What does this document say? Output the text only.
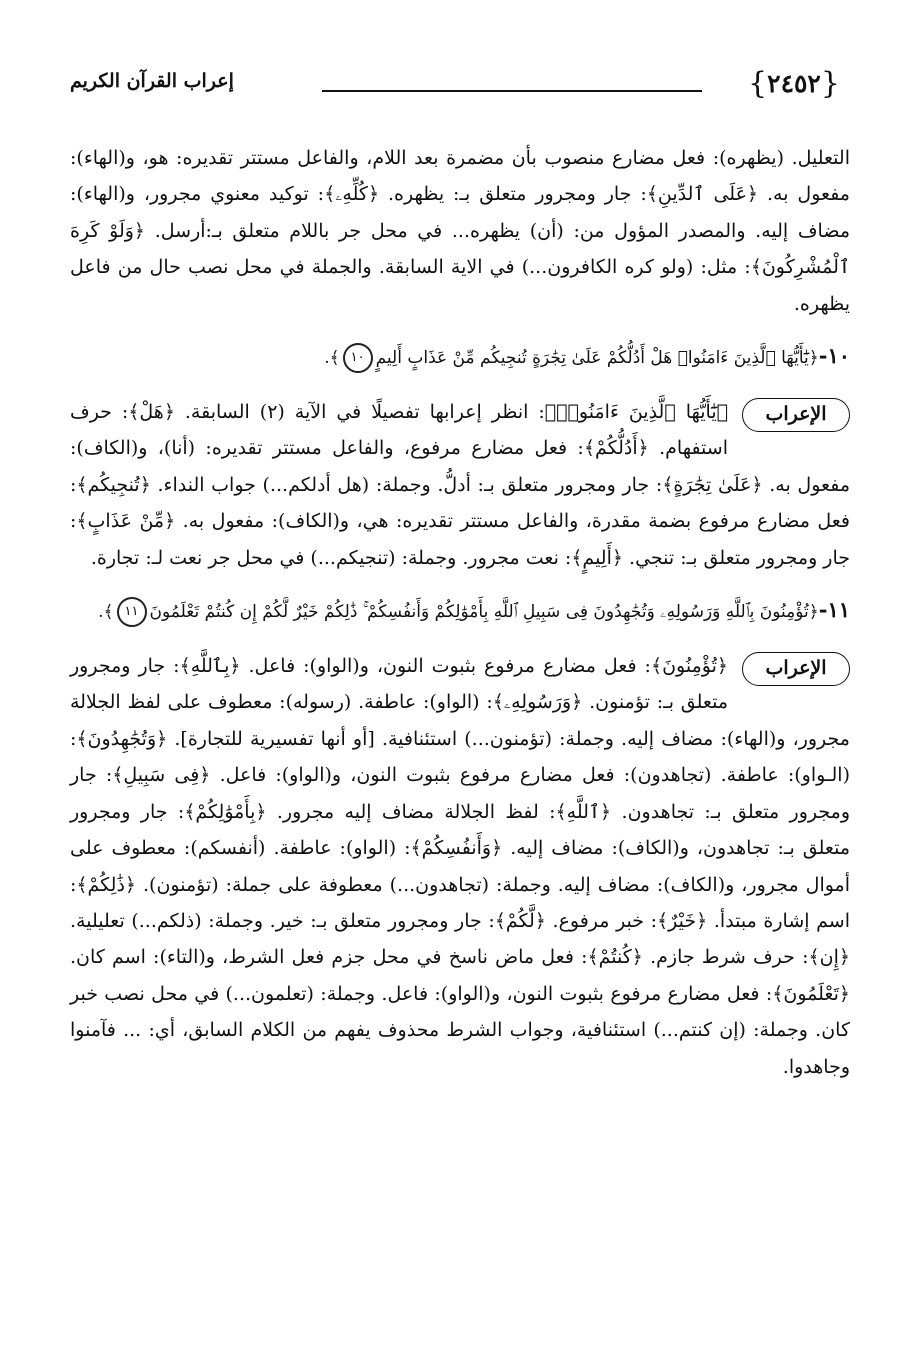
{٢٤٥٢}
إعراب القرآن الكريم

التعليل. (يظهره): فعل مضارع منصوب بأن مضمرة بعد اللام، والفاعل مستتر تقديره: هو، و(الهاء): مفعول به. ﴿عَلَى ٱلدِّينِ﴾: جار ومجرور متعلق بـ: يظهره. ﴿كُلِّهِۦ﴾: توكيد معنوي مجرور، و(الهاء): مضاف إليه. والمصدر المؤول من: (أن) يظهره... في محل جر باللام متعلق بـ:أرسل. ﴿وَلَوْ كَرِهَ ٱلْمُشْرِكُونَ﴾: مثل: (ولو كره الكافرون...) في الاية السابقة. والجملة في محل نصب حال من فاعل يظهره.

١٠-﴿يَٰٓأَيُّهَا ٱلَّذِينَ ءَامَنُوا۟ هَلْ أَدُلُّكُمْ عَلَىٰ تِجَٰرَةٍ تُنجِيكُم مِّنْ عَذَابٍ أَلِيمٍ١٠﴾.
الإعراب
﴿يَٰٓأَيُّهَا ٱلَّذِينَ ءَامَنُوا۟﴾: انظر إعرابها تفصيلًا في الآية (٢) السابقة. ﴿هَلْ﴾: حرف استفهام. ﴿أَدُلُّكُمْ﴾: فعل مضارع مرفوع، والفاعل مستتر تقديره: (أنا)، و(الكاف): مفعول به. ﴿عَلَىٰ تِجَٰرَةٍ﴾: جار ومجرور متعلق بـ: أدلُّ. وجملة: (هل أدلكم...) جواب النداء. ﴿تُنجِيكُم﴾: فعل مضارع مرفوع بضمة مقدرة، والفاعل مستتر تقديره: هي، و(الكاف): مفعول به. ﴿مِّنْ عَذَابٍ﴾: جار ومجرور متعلق بـ: تنجي. ﴿أَلِيمٍ﴾: نعت مجرور. وجملة: (تنجيكم...) في محل جر نعت لـ: تجارة.
١١-﴿تُؤْمِنُونَ بِٱللَّهِ وَرَسُولِهِۦ وَتُجَٰهِدُونَ فِى سَبِيلِ ٱللَّهِ بِأَمْوَٰلِكُمْ وَأَنفُسِكُمْ ۚ ذَٰلِكُمْ خَيْرٌ لَّكُمْ إِن كُنتُمْ تَعْلَمُونَ١١﴾.
الإعراب
﴿تُؤْمِنُونَ﴾: فعل مضارع مرفوع بثبوت النون، و(الواو): فاعل. ﴿بِٱللَّهِ﴾: جار ومجرور متعلق بـ: تؤمنون. ﴿وَرَسُولِهِۦ﴾: (الواو): عاطفة. (رسوله): معطوف على لفظ الجلالة مجرور، و(الهاء): مضاف إليه. وجملة: (تؤمنون...) استئنافية. [أو أنها تفسيرية للتجارة]. ﴿وَتُجَٰهِدُونَ﴾: (الـواو): عاطفة. (تجاهدون): فعل مضارع مرفوع بثبوت النون، و(الواو): فاعل. ﴿فِى سَبِيلِ﴾: جار ومجرور متعلق بـ: تجاهدون. ﴿ٱللَّهِ﴾: لفظ الجلالة مضاف إليه مجرور. ﴿بِأَمْوَٰلِكُمْ﴾: جار ومجرور متعلق بـ: تجاهدون، و(الكاف): مضاف إليه. ﴿وَأَنفُسِكُمْ﴾: (الواو): عاطفة. (أنفسكم): معطوف على أموال مجرور، و(الكاف): مضاف إليه. وجملة: (تجاهدون...) معطوفة على جملة: (تؤمنون). ﴿ذَٰلِكُمْ﴾: اسم إشارة مبتدأ. ﴿خَيْرٌ﴾: خبر مرفوع. ﴿لَّكُمْ﴾: جار ومجرور متعلق بـ: خير. وجملة: (ذلكم...) تعليلية. ﴿إِن﴾: حرف شرط جازم. ﴿كُنتُمْ﴾: فعل ماض ناسخ في محل جزم فعل الشرط، و(التاء): اسم كان. ﴿تَعْلَمُونَ﴾: فعل مضارع مرفوع بثبوت النون، و(الواو): فاعل. وجملة: (تعلمون...) في محل نصب خبر كان. وجملة: (إن كنتم...) استئنافية، وجواب الشرط محذوف يفهم من الكلام السابق، أي: ... فآمنوا وجاهدوا.
